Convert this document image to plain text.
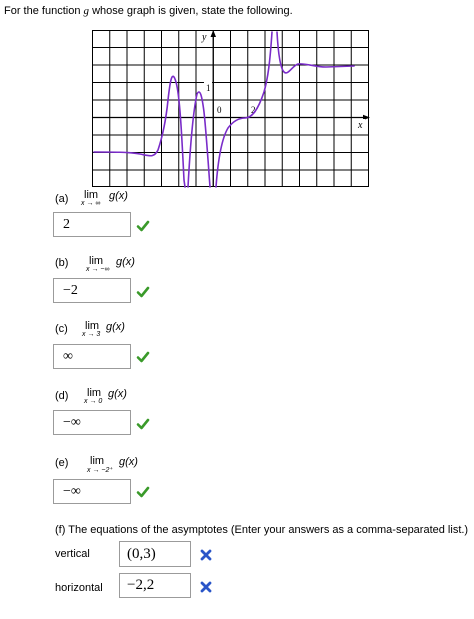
For the function g whose graph is given, state the following.
y
x
1
0	2
(a) lim
x → ∞
g(x)
2
(b) lim
x → −∞
g(x)
−2
(c) lim
x → 3
g(x)
∞
(d) lim
x → 0
g(x)
−∞
(e) lim
x → −2⁺
g(x)
−∞
(f) The equations of the asymptotes (Enter your answers as a comma-separated list.)
vertical	(0,3)
horizontal	−2,2
